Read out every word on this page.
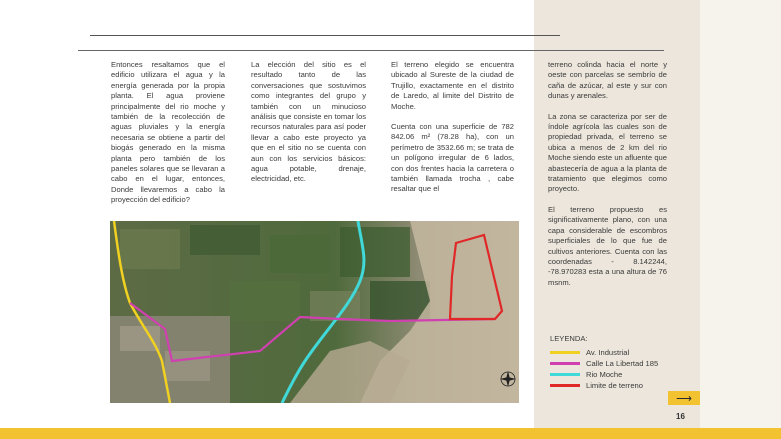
Entonces resaltamos que el edificio utilizara el agua y la energía generada por la propia planta. El agua proviene principalmente del rio moche y también de la recolección de aguas pluviales y la energía necesaria se obtiene a partir del biogás generado en la misma planta pero también de los paneles solares que se llevaran a cabo en el lugar, entonces, Donde llevaremos a cabo la proyección del edificio?

La elección del sitio es el resultado tanto de las conversaciones que sostuvimos como integrantes del grupo y también con un minucioso análisis que consiste en tomar los recursos naturales para así poder llevar a cabo este proyecto ya que en el sitio no se cuenta con aun con los servicios básicos: agua potable, drenaje, electricidad, etc.

El terreno elegido se encuentra ubicado al Sureste de la ciudad de Trujillo, exactamente en el distrito de Laredo, al limite del Distrito de Moche.

Cuenta con una superficie de 782 842.06 m² (78.28 ha), con un perímetro de 3532.66 m; se trata de un polígono irregular de 6 lados, con dos frentes hacia la carretera o también llamada trocha , cabe resaltar que el

terreno colinda hacia el norte y oeste con parcelas se sembrío de caña de azúcar, al este y sur con dunas y arenales.

La zona se caracteriza por ser de índole agrícola las cuales son de propiedad privada, el terreno se ubica a menos de 2 km del rio Moche siendo este un afluente que abastecería de agua a la planta de tratamiento que elegimos como proyecto.

El terreno propuesto es significativamente plano, con una capa considerable de escombros superficiales de lo que fue de cultivos anteriores. Cuenta con las coordenadas - 8.142244, -78.970283 esta a una altura de 76 msnm.

LEYENDA:
Av. Industrial
Calle La Libertad 185
Rio Moche
Limite de terreno
⟶
16
